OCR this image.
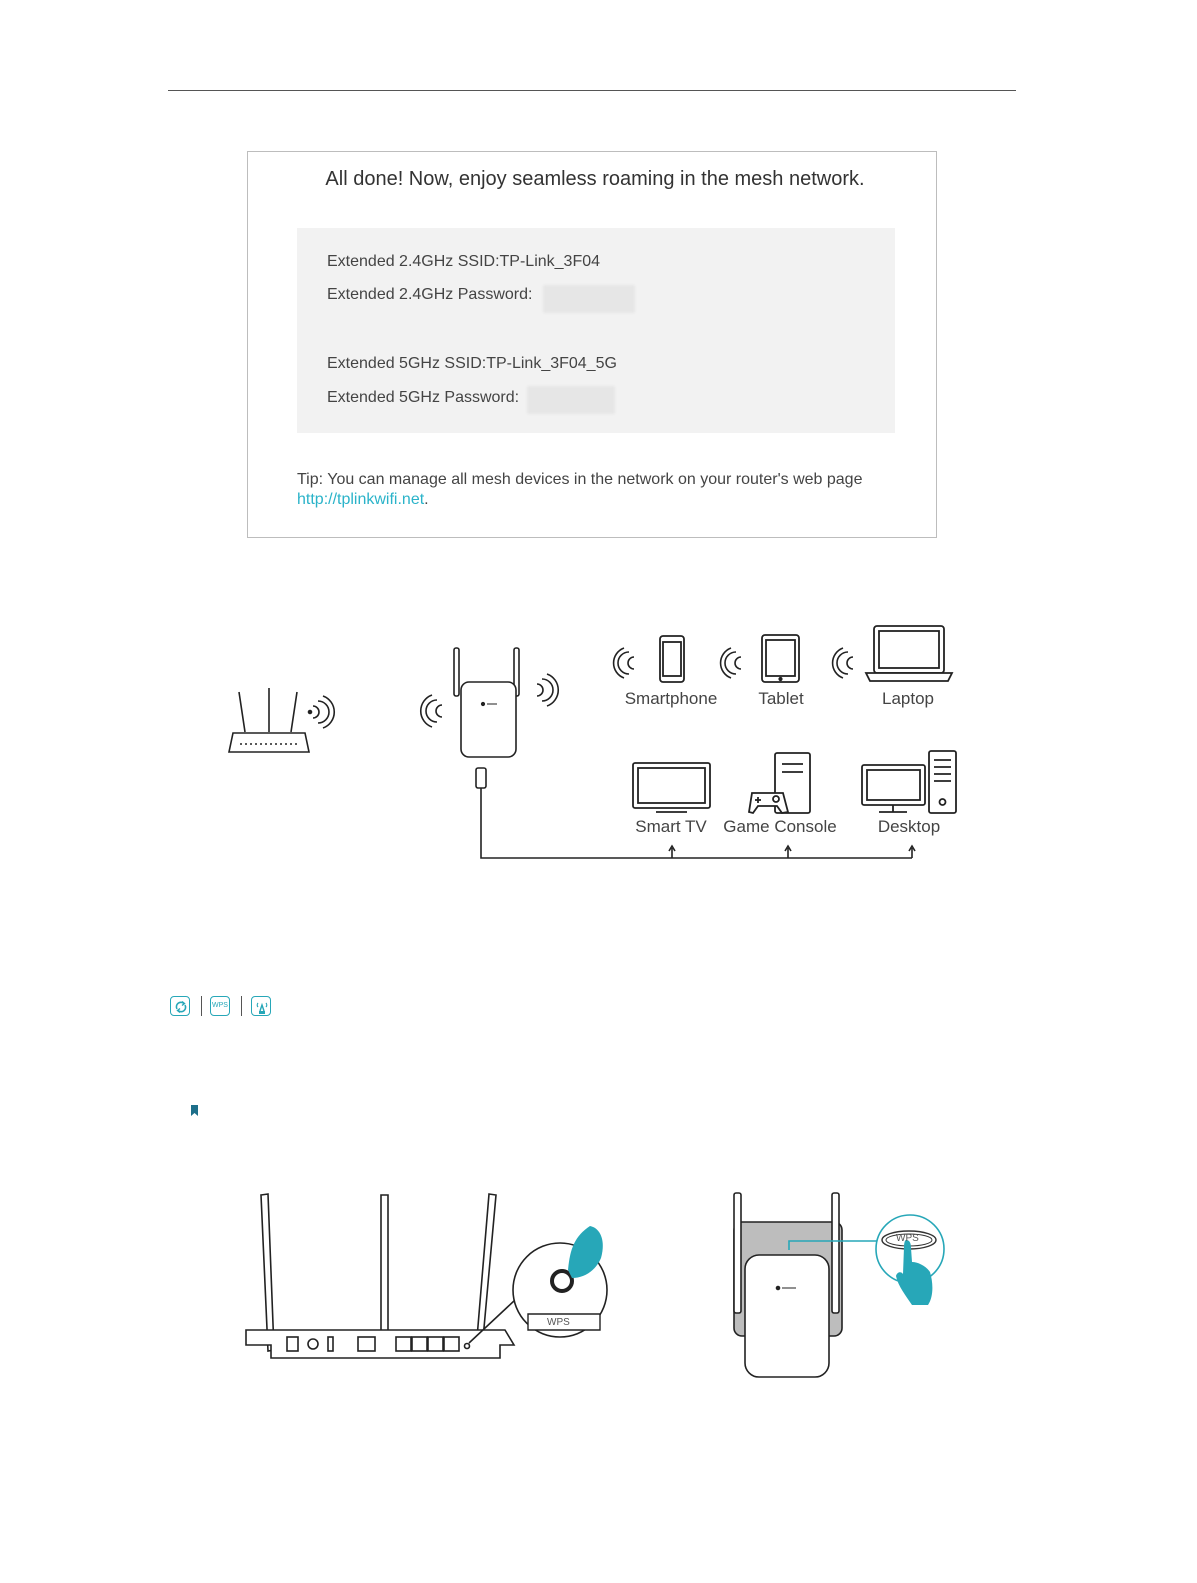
All done! Now, enjoy seamless roaming in the mesh network.
Extended 2.4GHz SSID:TP-Link_3F04
Extended 2.4GHz Password:
Extended 5GHz SSID:TP-Link_3F04_5G
Extended 5GHz Password:
Tip: You can manage all mesh devices in the network on your router's web page
http://tplinkwifi.net.
Smartphone	Tablet	Laptop
Smart TV Game Console	Desktop
WPS
WPS
WPS
